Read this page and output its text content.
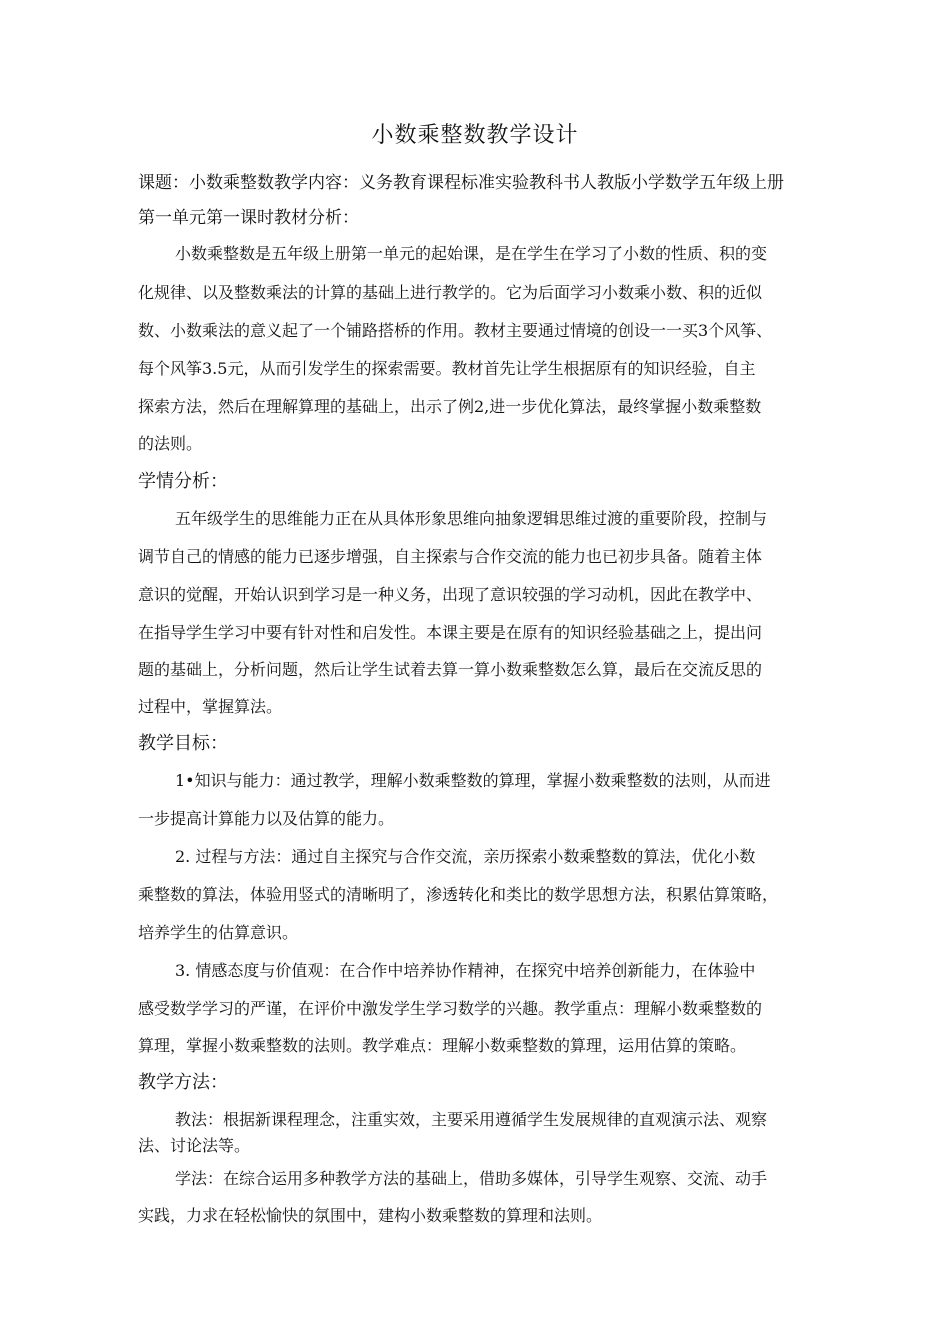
小数乘整数教学设计
课题：小数乘整数教学内容：义务教育课程标准实验教科书人教版小学数学五年级上册
第一单元第一课时教材分析：
小数乘整数是五年级上册第一单元的起始课，是在学生在学习了小数的性质、积的变
化规律、以及整数乘法的计算的基础上进行教学的。它为后面学习小数乘小数、积的近似
数、小数乘法的意义起了一个铺路搭桥的作用。教材主要通过情境的创设一一买3个风筝、
每个风筝3.5元，从而引发学生的探索需要。教材首先让学生根据原有的知识经验，自主
探索方法，然后在理解算理的基础上，出示了例2,进一步优化算法，最终掌握小数乘整数
的法则。
学情分析：
五年级学生的思维能力正在从具体形象思维向抽象逻辑思维过渡的重要阶段，控制与
调节自己的情感的能力已逐步增强，自主探索与合作交流的能力也已初步具备。随着主体
意识的觉醒，开始认识到学习是一种义务，出现了意识较强的学习动机，因此在教学中、
在指导学生学习中要有针对性和启发性。本课主要是在原有的知识经验基础之上，提出问
题的基础上，分析问题，然后让学生试着去算一算小数乘整数怎么算，最后在交流反思的
过程中，掌握算法。
教学目标：
1•知识与能力：通过教学，理解小数乘整数的算理，掌握小数乘整数的法则，从而进
一步提高计算能力以及估算的能力。
2. 过程与方法：通过自主探究与合作交流，亲历探索小数乘整数的算法，优化小数
乘整数的算法，体验用竖式的清晰明了，渗透转化和类比的数学思想方法，积累估算策略，
培养学生的估算意识。
3. 情感态度与价值观：在合作中培养协作精神，在探究中培养创新能力，在体验中
感受数学学习的严谨，在评价中激发学生学习数学的兴趣。教学重点：理解小数乘整数的
算理，掌握小数乘整数的法则。教学难点：理解小数乘整数的算理，运用估算的策略。
教学方法：
教法：根据新课程理念，注重实效，主要采用遵循学生发展规律的直观演示法、观察
法、讨论法等。
学法：在综合运用多种教学方法的基础上，借助多媒体，引导学生观察、交流、动手
实践，力求在轻松愉快的氛围中，建构小数乘整数的算理和法则。
